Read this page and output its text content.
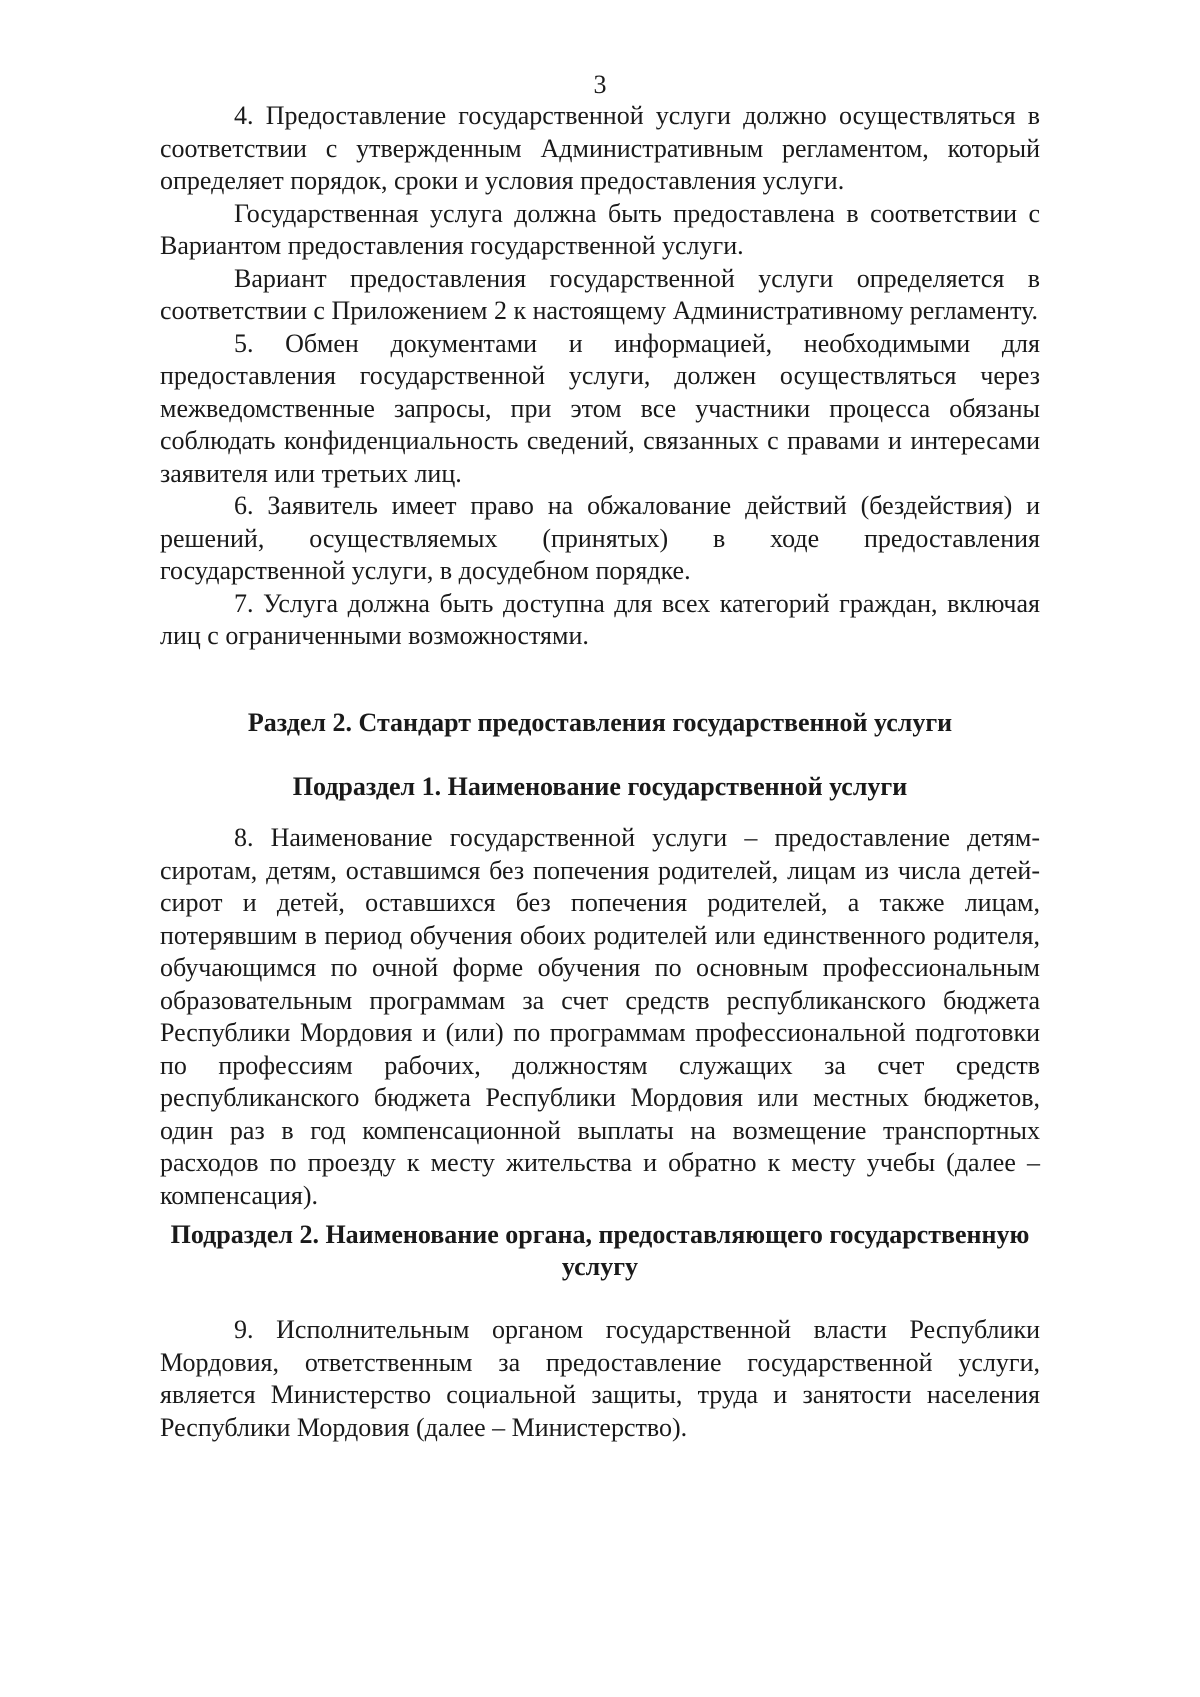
3

4. Предоставление государственной услуги должно осуществляться в соответствии с утвержденным Административным регламентом, который определяет порядок, сроки и условия предоставления услуги.

Государственная услуга должна быть предоставлена в соответствии с Вариантом предоставления государственной услуги.

Вариант предоставления государственной услуги определяется в соответствии с Приложением 2 к настоящему Административному регламенту.

5. Обмен документами и информацией, необходимыми для предоставления государственной услуги, должен осуществляться через межведомственные запросы, при этом все участники процесса обязаны соблюдать конфиденциальность сведений, связанных с правами и интересами заявителя или третьих лиц.

6. Заявитель имеет право на обжалование действий (бездействия) и решений, осуществляемых (принятых) в ходе предоставления государственной услуги, в досудебном порядке.

7. Услуга должна быть доступна для всех категорий граждан, включая лиц с ограниченными возможностями.

Раздел 2. Стандарт предоставления государственной услуги
Подраздел 1. Наименование государственной услуги

8. Наименование государственной услуги – предоставление детям-сиротам, детям, оставшимся без попечения родителей, лицам из числа детей-сирот и детей, оставшихся без попечения родителей, а также лицам, потерявшим в период обучения обоих родителей или единственного родителя, обучающимся по очной форме обучения по основным профессиональным образовательным программам за счет средств республиканского бюджета Республики Мордовия и (или) по программам профессиональной подготовки по профессиям рабочих, должностям служащих за счет средств республиканского бюджета Республики Мордовия или местных бюджетов, один раз в год компенсационной выплаты на возмещение транспортных расходов по проезду к месту жительства и обратно к месту учебы (далее – компенсация).

Подраздел 2. Наименование органа, предоставляющего государственную
услугу

9. Исполнительным органом государственной власти Республики Мордовия, ответственным за предоставление государственной услуги, является Министерство социальной защиты, труда и занятости населения Республики Мордовия (далее – Министерство).
